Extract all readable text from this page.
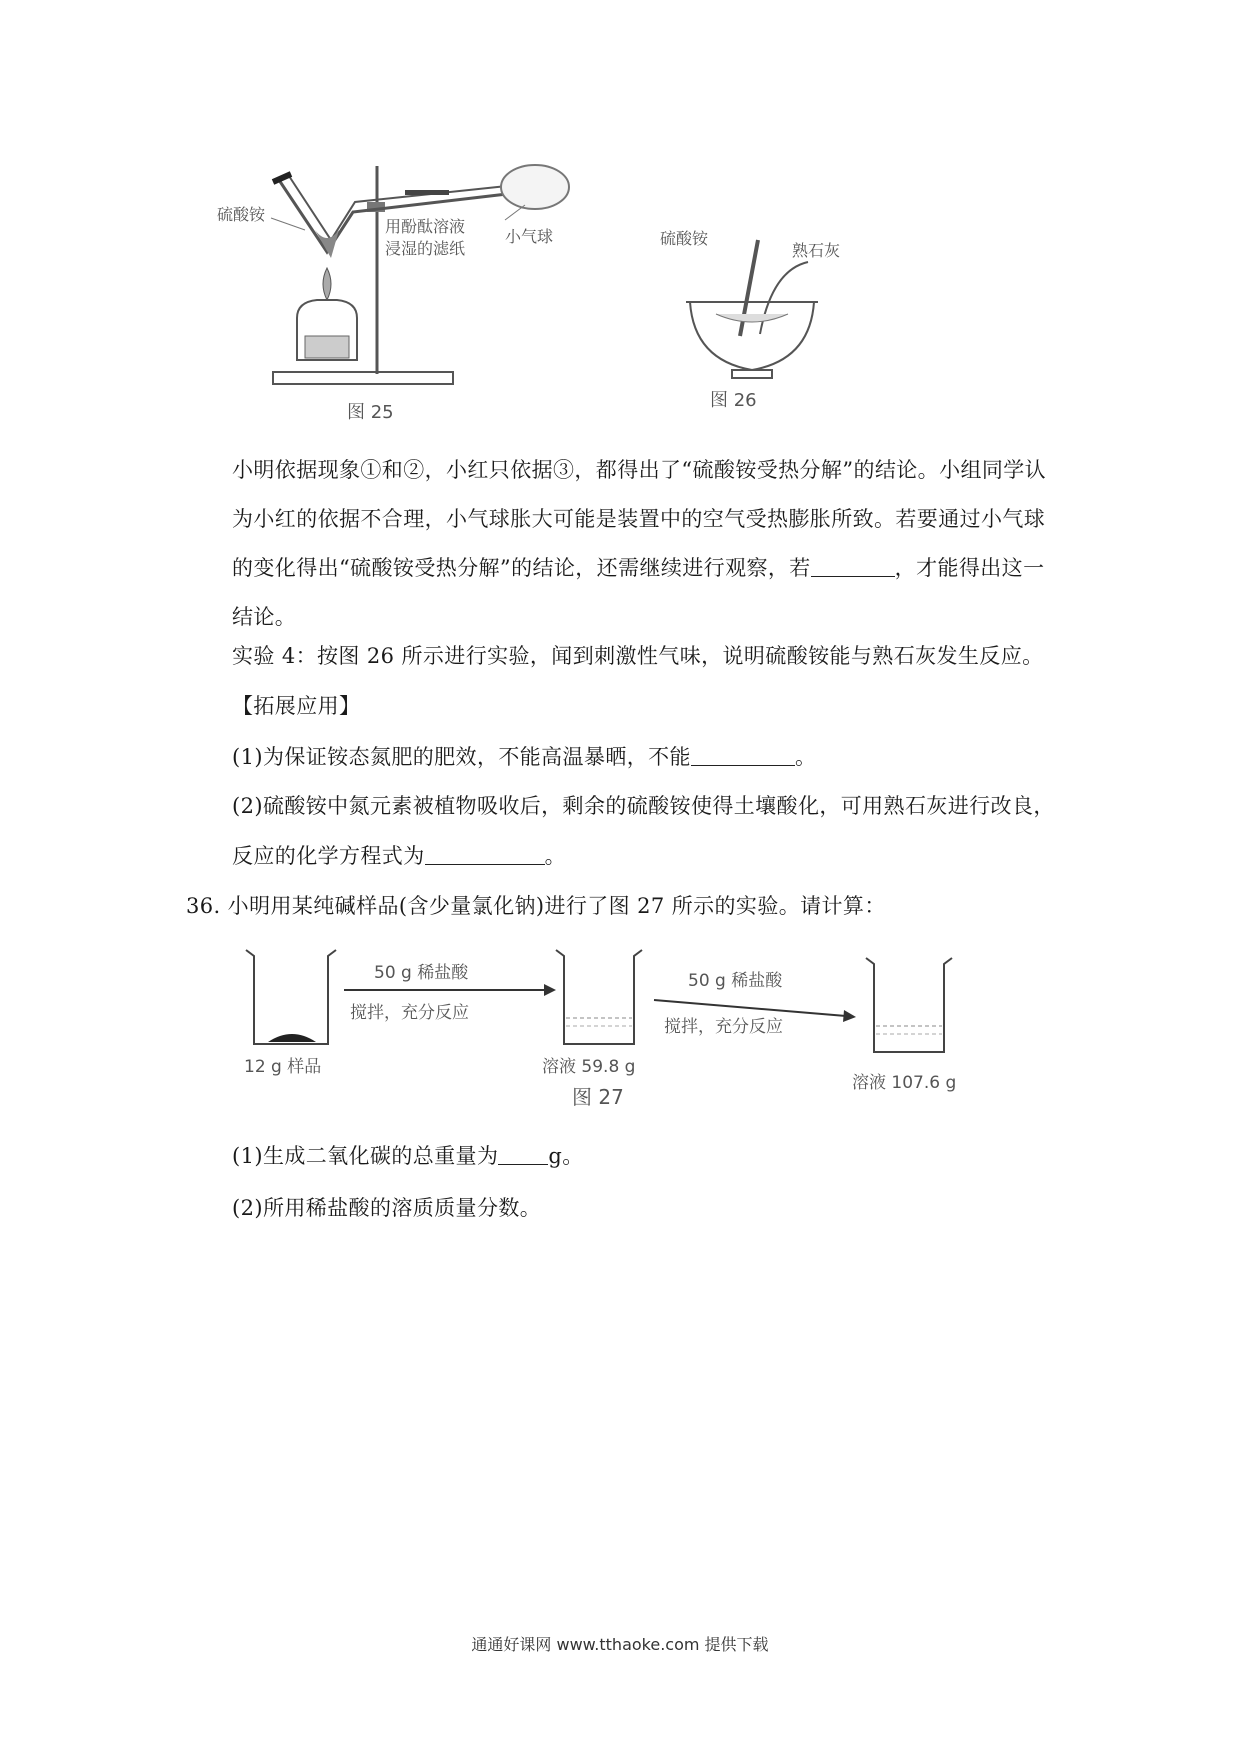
硫酸铵
用酚酞溶液
浸湿的滤纸
小气球
图 25
硫酸铵
熟石灰
图 26
小明依据现象①和②，小红只依据③，都得出了“硫酸铵受热分解”的结论。小组同学认为小红的依据不合理，小气球胀大可能是装置中的空气受热膨胀所致。若要通过小气球的变化得出“硫酸铵受热分解”的结论，还需继续进行观察，若	，才能得出这一结论。
实验 4：按图 26 所示进行实验，闻到刺激性气味，说明硫酸铵能与熟石灰发生反应。
【拓展应用】
(1)为保证铵态氮肥的肥效，不能高温暴晒，不能	。
(2)硫酸铵中氮元素被植物吸收后，剩余的硫酸铵使得土壤酸化，可用熟石灰进行改良，
反应的化学方程式为	。
36. 小明用某纯碱样品(含少量氯化钠)进行了图 27 所示的实验。请计算：
50 g 稀盐酸
搅拌，充分反应
50 g 稀盐酸
搅拌，充分反应
12 g 样品	溶液 59.8 g
溶液 107.6 g
图 27
(1)生成二氧化碳的总重量为 g。
(2)所用稀盐酸的溶质质量分数。
通通好课网 www.tthaoke.com 提供下载
